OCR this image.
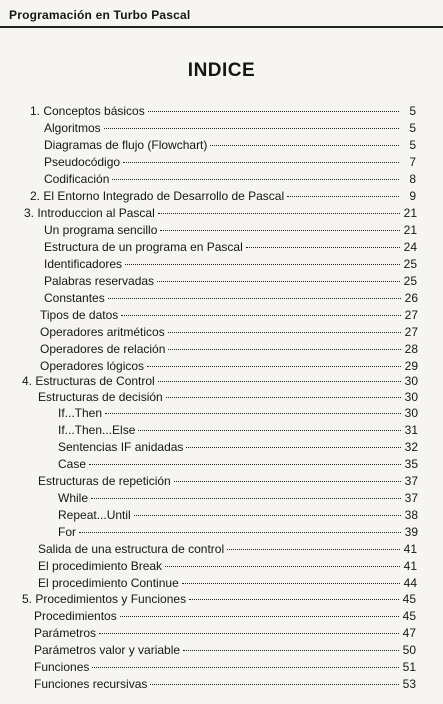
Programación en Turbo Pascal
INDICE
1. Conceptos básicos	5
Algoritmos	5
Diagramas de flujo (Flowchart)	5
Pseudocódigo	7
Codificación	8
2. El Entorno Integrado de Desarrollo de Pascal	9
3. Introduccion al Pascal	21
Un programa sencillo	21
Estructura de un programa en Pascal	24
Identificadores	25
Palabras reservadas	25
Constantes	26
Tipos de datos	27
Operadores aritméticos	27
Operadores de relación	28
Operadores lógicos	29
4. Estructuras de Control	30
Estructuras de decisión	30
If...Then	30
If...Then...Else	31
Sentencias IF anidadas	32
Case	35
Estructuras de repetición	37
While	37
Repeat...Until	38
For	39
Salida de una estructura de control	41
El procedimiento Break	41
El procedimiento Continue	44
5. Procedimientos y Funciones	45
Procedimientos	45
Parámetros	47
Parámetros valor y variable	50
Funciones	51
Funciones recursivas	53
